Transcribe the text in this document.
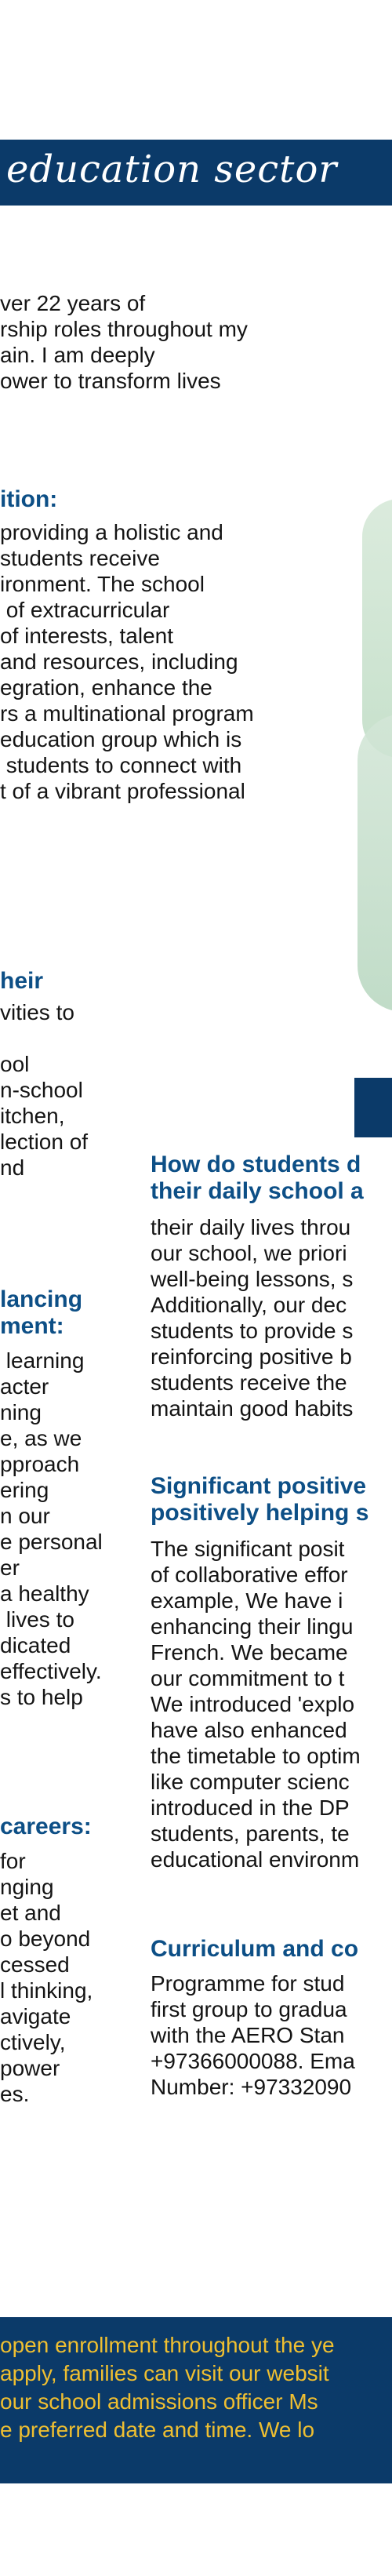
education sector
ver 22 years of
rship roles throughout my
ain. I am deeply
ower to transform lives
ition:
providing a holistic and
students receive
ironment. The school
of extracurricular
of interests, talent
and resources, including
egration, enhance the
rs a multinational program
education group which is
students to connect with
t of a vibrant professional
heir
vities to

ool
n-school
itchen,
lection of
nd
lancing
ment:
learning
acter
ning
e, as we
pproach
ering
n our
e personal
er
a healthy
lives to
dicated
effectively.
s to help
careers:
for
nging
et and
o beyond
cessed
l thinking,
avigate
ctively,
power
es.
How do students d
their daily school a
their daily lives throu
our school, we priori
well-being lessons, s
Additionally, our dec
students to provide s
reinforcing positive b
students receive the
maintain good habits
Significant positive
positively helping s
The significant posit
of collaborative effor
example, We have i
enhancing their lingu
French. We became
our commitment to t
We introduced 'explo
have also enhanced
the timetable to optim
like computer scienc
introduced in the DP
students, parents, te
educational environm
Curriculum and co
Programme for stud
first group to gradua
with the AERO Stan
+97366000088. Ema
Number: +97332090
open enrollment throughout the ye
apply, families can visit our websit
our school admissions officer Ms
e preferred date and time. We lo
